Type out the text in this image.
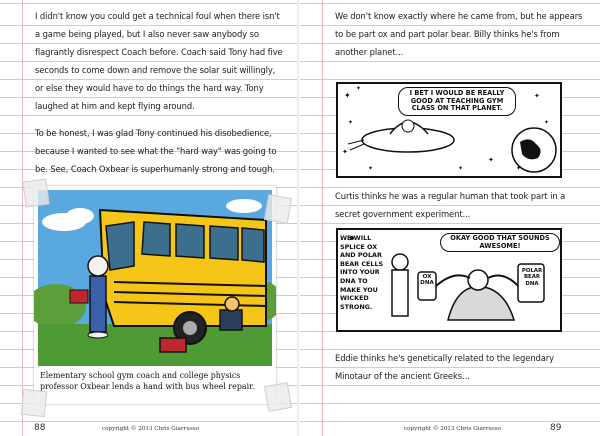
I didn't know you could get a technical foul when there isn't a game being played, but I also never saw anybody so flagrantly disrespect Coach before. Coach said Tony had five seconds to come down and remove the solar suit willingly, or else they would have to do things the hard way. Tony laughed at him and kept flying around.
To be honest, I was glad Tony continued his disobedience, because I wanted to see what the "hard way" was going to be. See, Coach Oxbear is superhumanly strong and tough.
Elementary school gym coach and college physics professor Oxbear lends a hand with bus wheel repair.
88	copyright © 2013 Chris Giarrusso
We don't know exactly where he came from, but he appears to be part ox and part polar bear. Billy thinks he's from another planet...
✦
✦
✦
✦
✦	✦
✦
✦
✦
✦
I BET I WOULD BE REALLY GOOD AT TEACHING GYM CLASS ON THAT PLANET.
Curtis thinks he was a regular human that took part in a secret government experiment...
WE WILL SPLICE OX AND POLAR BEAR CELLS INTO YOUR DNA TO MAKE YOU WICKED STRONG.
OKAY GOOD THAT SOUNDS AWESOME!
OX DNA
POLAR BEAR DNA
Eddie thinks he's genetically related to the legendary Minotaur of the ancient Greeks...
copyright © 2013 Chris Giarrusso	89
